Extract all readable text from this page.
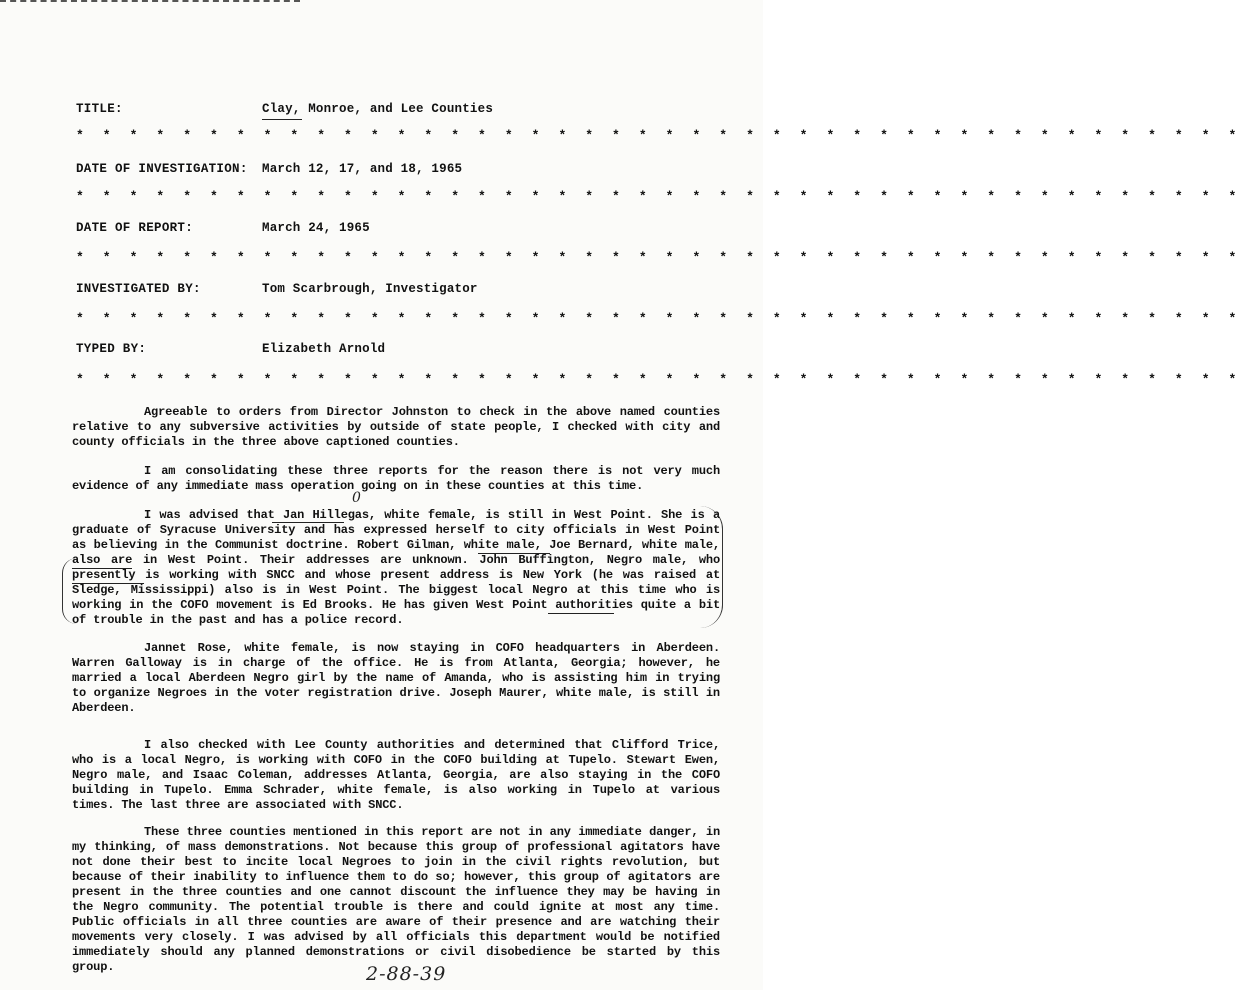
TITLE:	Clay, Monroe, and Lee Counties
* * * * * * * * * * * * * * * * * * * * * * * * * * * * * * * * * * * * * * * * * * * *
DATE OF INVESTIGATION: March 12, 17, and 18, 1965
* * * * * * * * * * * * * * * * * * * * * * * * * * * * * * * * * * * * * * * * * * * *
DATE OF REPORT:	March 24, 1965
* * * * * * * * * * * * * * * * * * * * * * * * * * * * * * * * * * * * * * * * * * * *
INVESTIGATED BY:	Tom Scarbrough, Investigator
* * * * * * * * * * * * * * * * * * * * * * * * * * * * * * * * * * * * * * * * * * * *
TYPED BY:	Elizabeth Arnold
* * * * * * * * * * * * * * * * * * * * * * * * * * * * * * * * * * * * * * * * * * * *
Agreeable to orders from Director Johnston to check in the above named counties relative to any subversive activities by outside of state people, I checked with city and county officials in the three above captioned counties.
I am consolidating these three reports for the reason there is not very much evidence of any immediate mass operation going on in these counties at this time.
I was advised that Jan Hillegas, white female, is still in West Point. She is a graduate of Syracuse University and has expressed herself to city officials in West Point as believing in the Communist doctrine. Robert Gilman, white male, Joe Bernard, white male, also are in West Point. Their addresses are unknown. John Buffington, Negro male, who presently is working with SNCC and whose present address is New York (he was raised at Sledge, Mississippi) also is in West Point. The biggest local Negro at this time who is working in the COFO movement is Ed Brooks. He has given West Point authorities quite a bit of trouble in the past and has a police record.
0
Jannet Rose, white female, is now staying in COFO headquarters in Aberdeen. Warren Galloway is in charge of the office. He is from Atlanta, Georgia; however, he married a local Aberdeen Negro girl by the name of Amanda, who is assisting him in trying to organize Negroes in the voter registration drive. Joseph Maurer, white male, is still in Aberdeen.
I also checked with Lee County authorities and determined that Clifford Trice, who is a local Negro, is working with COFO in the COFO building at Tupelo. Stewart Ewen, Negro male, and Isaac Coleman, addresses Atlanta, Georgia, are also staying in the COFO building in Tupelo. Emma Schrader, white female, is also working in Tupelo at various times. The last three are associated with SNCC.
These three counties mentioned in this report are not in any immediate danger, in my thinking, of mass demonstrations. Not because this group of professional agitators have not done their best to incite local Negroes to join in the civil rights revolution, but because of their inability to influence them to do so; however, this group of agitators are present in the three counties and one cannot discount the influence they may be having in the Negro community. The potential trouble is there and could ignite at most any time. Public officials in all three counties are aware of their presence and are watching their movements very closely. I was advised by all officials this department would be notified immediately should any planned demonstrations or civil disobedience be started by this group.	2-88-39
